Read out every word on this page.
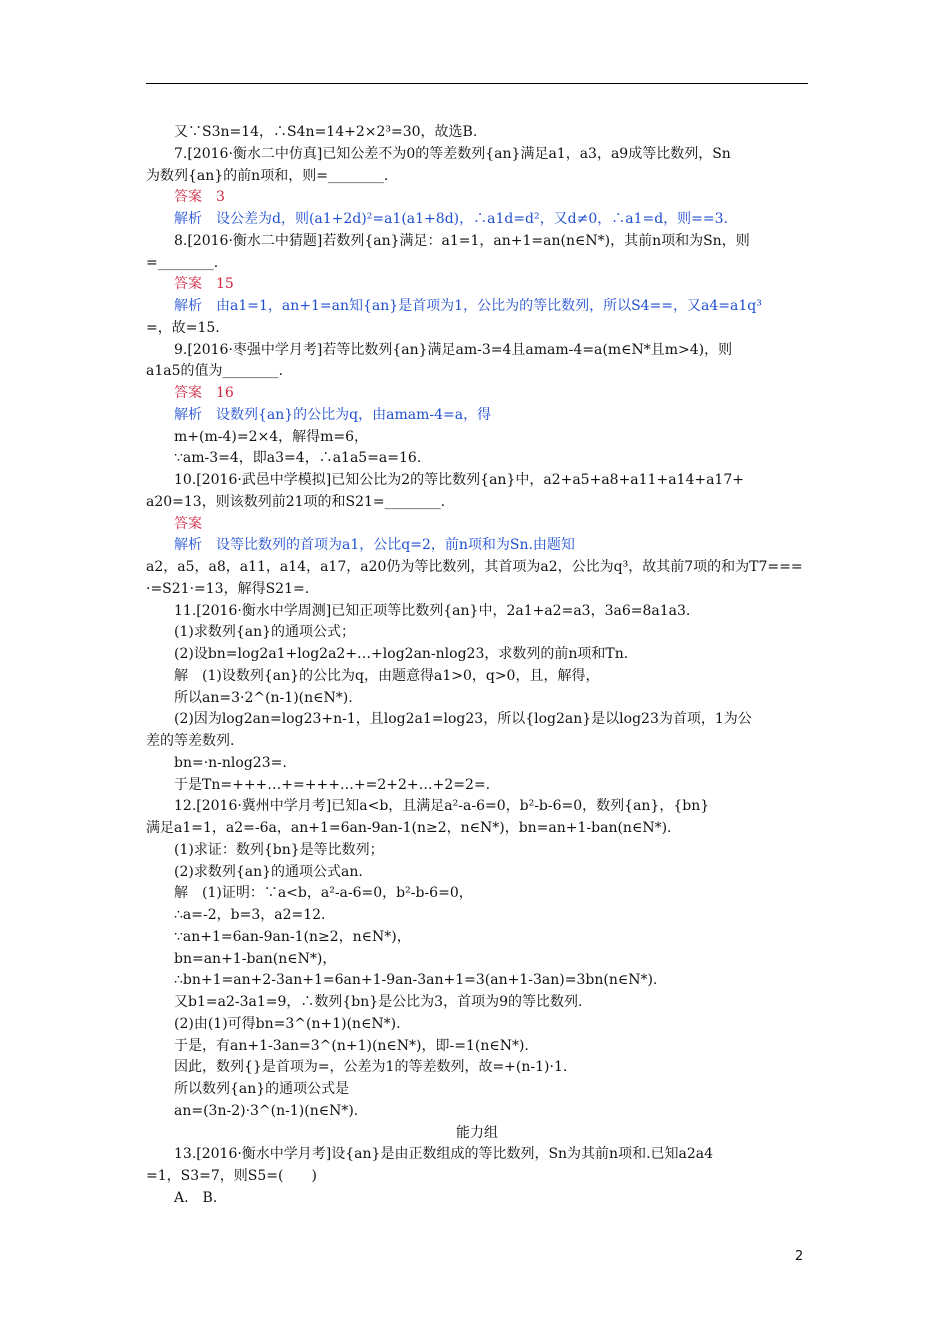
又∵S3n=14，∴S4n=14+2×2³=30，故选B.
7.[2016·衡水二中仿真]已知公差不为0的等差数列{an}满足a1，a3，a9成等比数列，Sn
为数列{an}的前n项和，则=________.
答案　3
解析　设公差为d，则(a1+2d)²=a1(a1+8d)，∴a1d=d²，又d≠0，∴a1=d，则==3.
8.[2016·衡水二中猜题]若数列{an}满足：a1=1，an+1=an(n∈N*)，其前n项和为Sn，则
=________.
答案　15
解析　由a1=1，an+1=an知{an}是首项为1，公比为的等比数列，所以S4==，又a4=a1q³
=，故=15.
9.[2016·枣强中学月考]若等比数列{an}满足am-3=4且amam-4=a(m∈N*且m>4)，则
a1a5的值为________.
答案　16
解析　设数列{an}的公比为q，由amam-4=a，得
m+(m-4)=2×4，解得m=6，
∵am-3=4，即a3=4，∴a1a5=a=16.
10.[2016·武邑中学模拟]已知公比为2的等比数列{an}中，a2+a5+a8+a11+a14+a17+
a20=13，则该数列前21项的和S21=________.
答案
解析　设等比数列的首项为a1，公比q=2，前n项和为Sn.由题知
a2，a5，a8，a11，a14，a17，a20仍为等比数列，其首项为a2，公比为q³，故其前7项的和为T7===
·=S21·=13，解得S21=.
11.[2016·衡水中学周测]已知正项等比数列{an}中，2a1+a2=a3，3a6=8a1a3.
(1)求数列{an}的通项公式；
(2)设bn=log2a1+log2a2+…+log2an-nlog23，求数列的前n项和Tn.
解　(1)设数列{an}的公比为q，由题意得a1>0，q>0，且，解得，
所以an=3·2^(n-1)(n∈N*).
(2)因为log2an=log23+n-1，且log2a1=log23，所以{log2an}是以log23为首项，1为公
差的等差数列.
bn=·n-nlog23=.
于是Tn=+++…+=+++…+=2+2+…+2=2=.
12.[2016·冀州中学月考]已知a<b，且满足a²-a-6=0，b²-b-6=0，数列{an}，{bn}
满足a1=1，a2=-6a，an+1=6an-9an-1(n≥2，n∈N*)，bn=an+1-ban(n∈N*).
(1)求证：数列{bn}是等比数列；
(2)求数列{an}的通项公式an.
解　(1)证明：∵a<b，a²-a-6=0，b²-b-6=0，
∴a=-2，b=3，a2=12.
∵an+1=6an-9an-1(n≥2，n∈N*)，
bn=an+1-ban(n∈N*)，
∴bn+1=an+2-3an+1=6an+1-9an-3an+1=3(an+1-3an)=3bn(n∈N*).
又b1=a2-3a1=9，∴数列{bn}是公比为3，首项为9的等比数列.
(2)由(1)可得bn=3^(n+1)(n∈N*).
于是，有an+1-3an=3^(n+1)(n∈N*)，即-=1(n∈N*).
因此，数列{}是首项为=，公差为1的等差数列，故=+(n-1)·1.
所以数列{an}的通项公式是
an=(3n-2)·3^(n-1)(n∈N*).
能力组
13.[2016·衡水中学月考]设{an}是由正数组成的等比数列，Sn为其前n项和.已知a2a4
=1，S3=7，则S5=(　　)
A.　B.
2
